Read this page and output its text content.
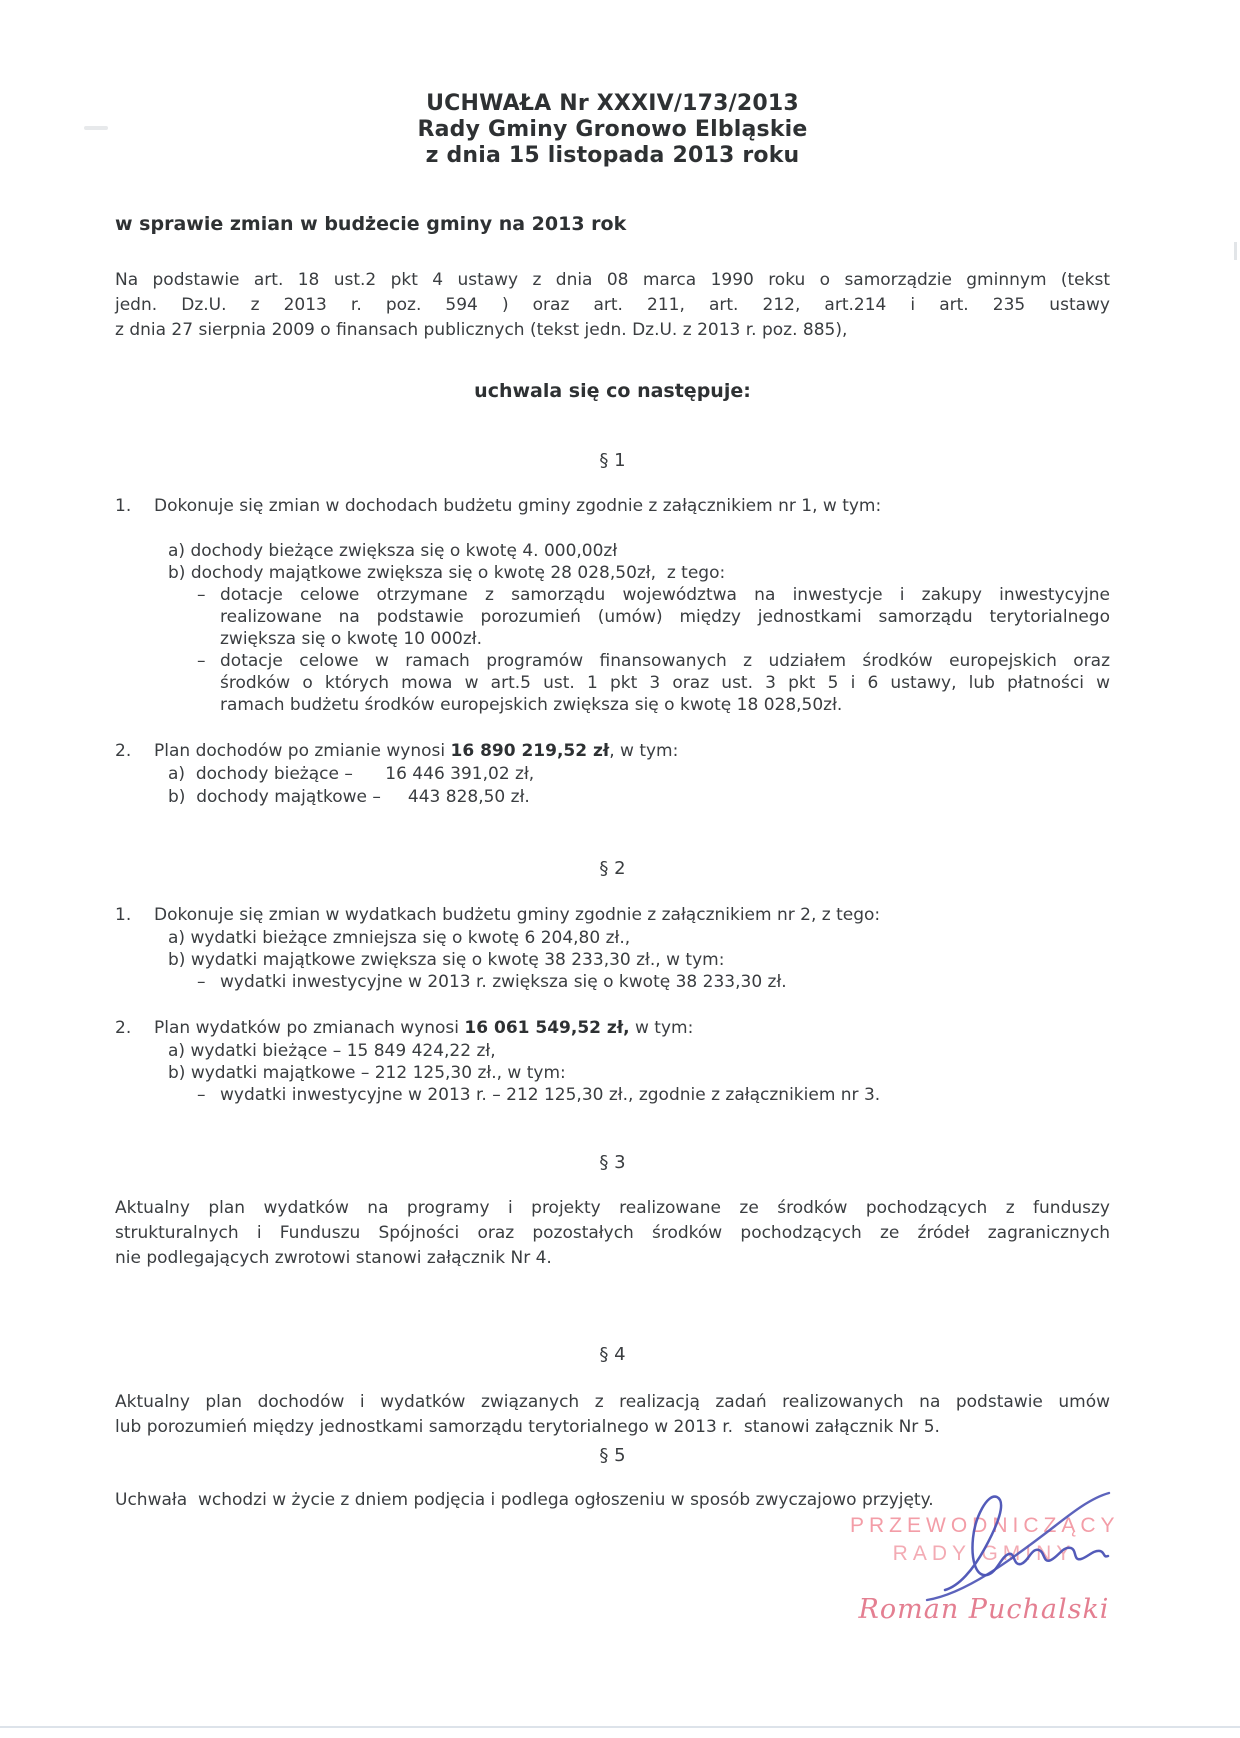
UCHWAŁA Nr XXXIV/173/2013
Rady Gminy Gronowo Elbląskie
z dnia 15 listopada 2013 roku
w sprawie zmian w budżecie gminy na 2013 rok
Na podstawie art. 18 ust.2 pkt 4 ustawy z dnia 08 marca 1990 roku o samorządzie gminnym (tekst
jedn. Dz.U. z 2013 r. poz. 594 ) oraz art. 211, art. 212, art.214 i art. 235 ustawy
z dnia 27 sierpnia 2009 o finansach publicznych (tekst jedn. Dz.U. z 2013 r. poz. 885),
uchwala się co następuje:
§ 1
1.	Dokonuje się zmian w dochodach budżetu gminy zgodnie z załącznikiem nr 1, w tym:
a) dochody bieżące zwiększa się o kwotę 4. 000,00zł
b) dochody majątkowe zwiększa się o kwotę 28 028,50zł,  z tego:
– dotacje celowe otrzymane z samorządu województwa na inwestycje i zakupy inwestycyjne
realizowane na podstawie porozumień (umów) między jednostkami samorządu terytorialnego
zwiększa się o kwotę 10 000zł.
– dotacje celowe w ramach programów finansowanych z udziałem środków europejskich oraz
środków o których mowa w art.5 ust. 1 pkt 3 oraz ust. 3 pkt 5 i 6 ustawy, lub płatności w
ramach budżetu środków europejskich zwiększa się o kwotę 18 028,50zł.
2.	Plan dochodów po zmianie wynosi 16 890 219,52 zł, w tym:
a)  dochody bieżące –      16 446 391,02 zł,
b)  dochody majątkowe –     443 828,50 zł.
§ 2
1.	Dokonuje się zmian w wydatkach budżetu gminy zgodnie z załącznikiem nr 2, z tego:
a) wydatki bieżące zmniejsza się o kwotę 6 204,80 zł.,
b) wydatki majątkowe zwiększa się o kwotę 38 233,30 zł., w tym:
– wydatki inwestycyjne w 2013 r. zwiększa się o kwotę 38 233,30 zł.
2.	Plan wydatków po zmianach wynosi 16 061 549,52 zł, w tym:
a) wydatki bieżące – 15 849 424,22 zł,
b) wydatki majątkowe – 212 125,30 zł., w tym:
– wydatki inwestycyjne w 2013 r. – 212 125,30 zł., zgodnie z załącznikiem nr 3.
§ 3
Aktualny plan wydatków na programy i projekty realizowane ze środków pochodzących z funduszy
strukturalnych i Funduszu Spójności oraz pozostałych środków pochodzących ze źródeł zagranicznych
nie podlegających zwrotowi stanowi załącznik Nr 4.
§ 4
Aktualny plan dochodów i wydatków związanych z realizacją zadań realizowanych na podstawie umów
lub porozumień między jednostkami samorządu terytorialnego w 2013 r.  stanowi załącznik Nr 5.
§ 5
Uchwała  wchodzi w życie z dniem podjęcia i podlega ogłoszeniu w sposób zwyczajowo przyjęty.
PRZEWODNICZĄCY
RADY GMINY
Roman Puchalski
